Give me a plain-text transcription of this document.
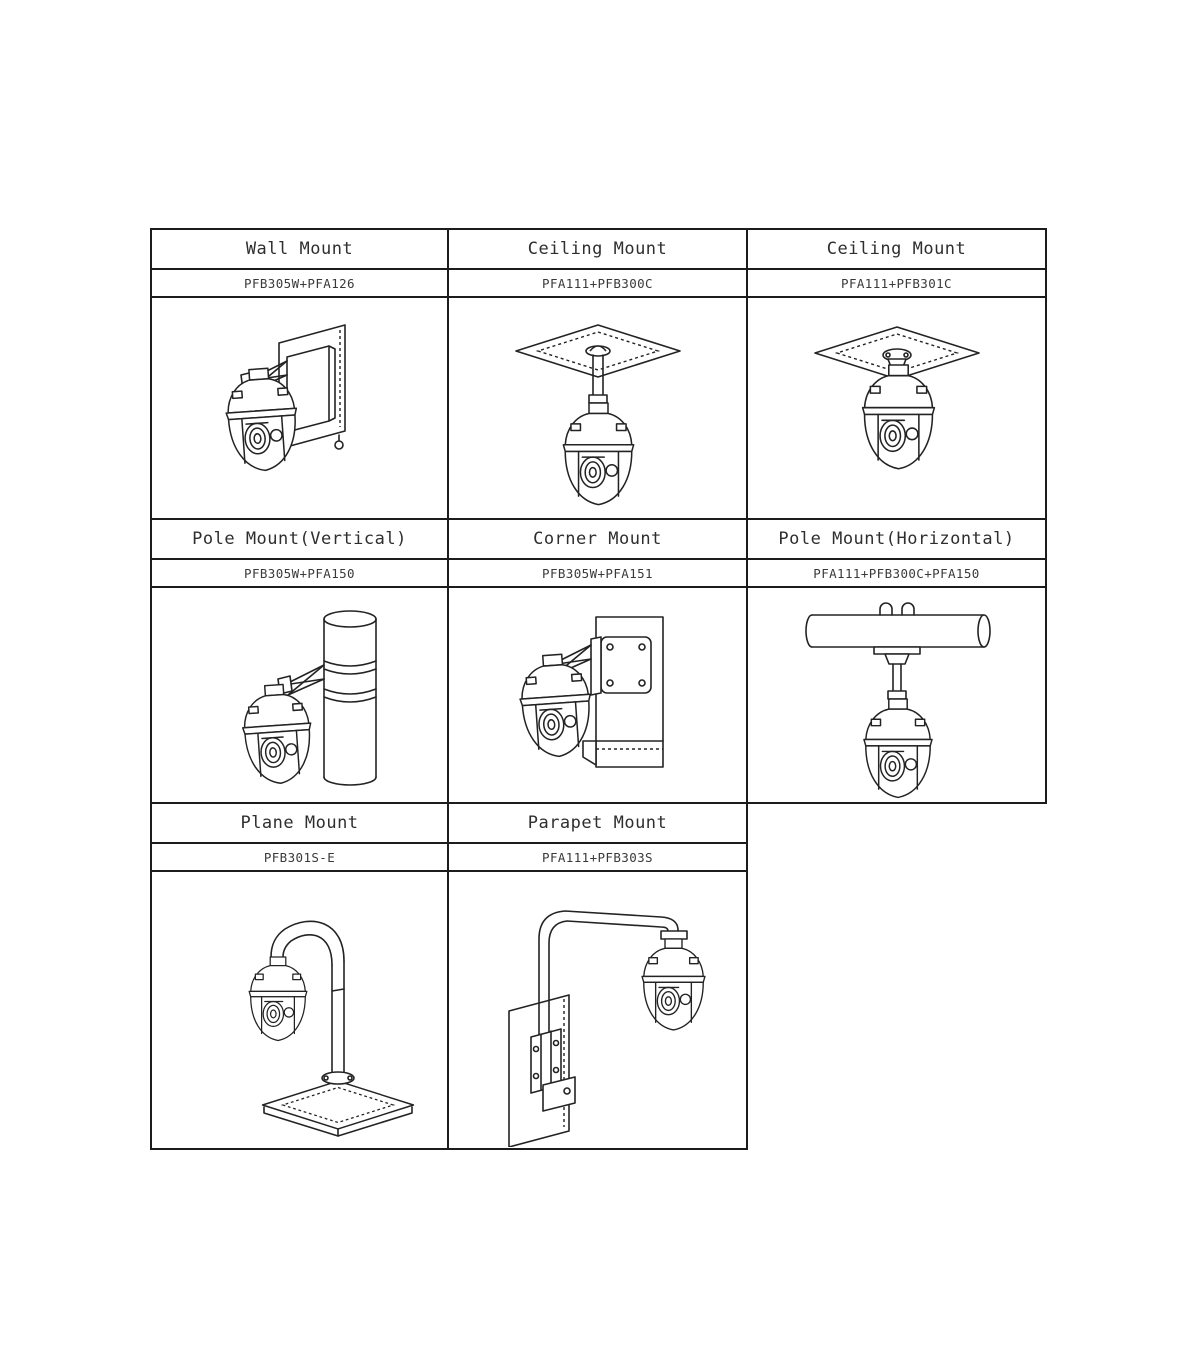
Wall Mount
PFB305W+PFA126
Ceiling Mount
PFA111+PFB300C
Ceiling Mount
PFA111+PFB301C
Pole Mount(Vertical)
PFB305W+PFA150
Corner Mount
PFB305W+PFA151
Pole Mount(Horizontal)
PFA111+PFB300C+PFA150
Plane Mount
PFB301S-E
Parapet Mount
PFA111+PFB303S
